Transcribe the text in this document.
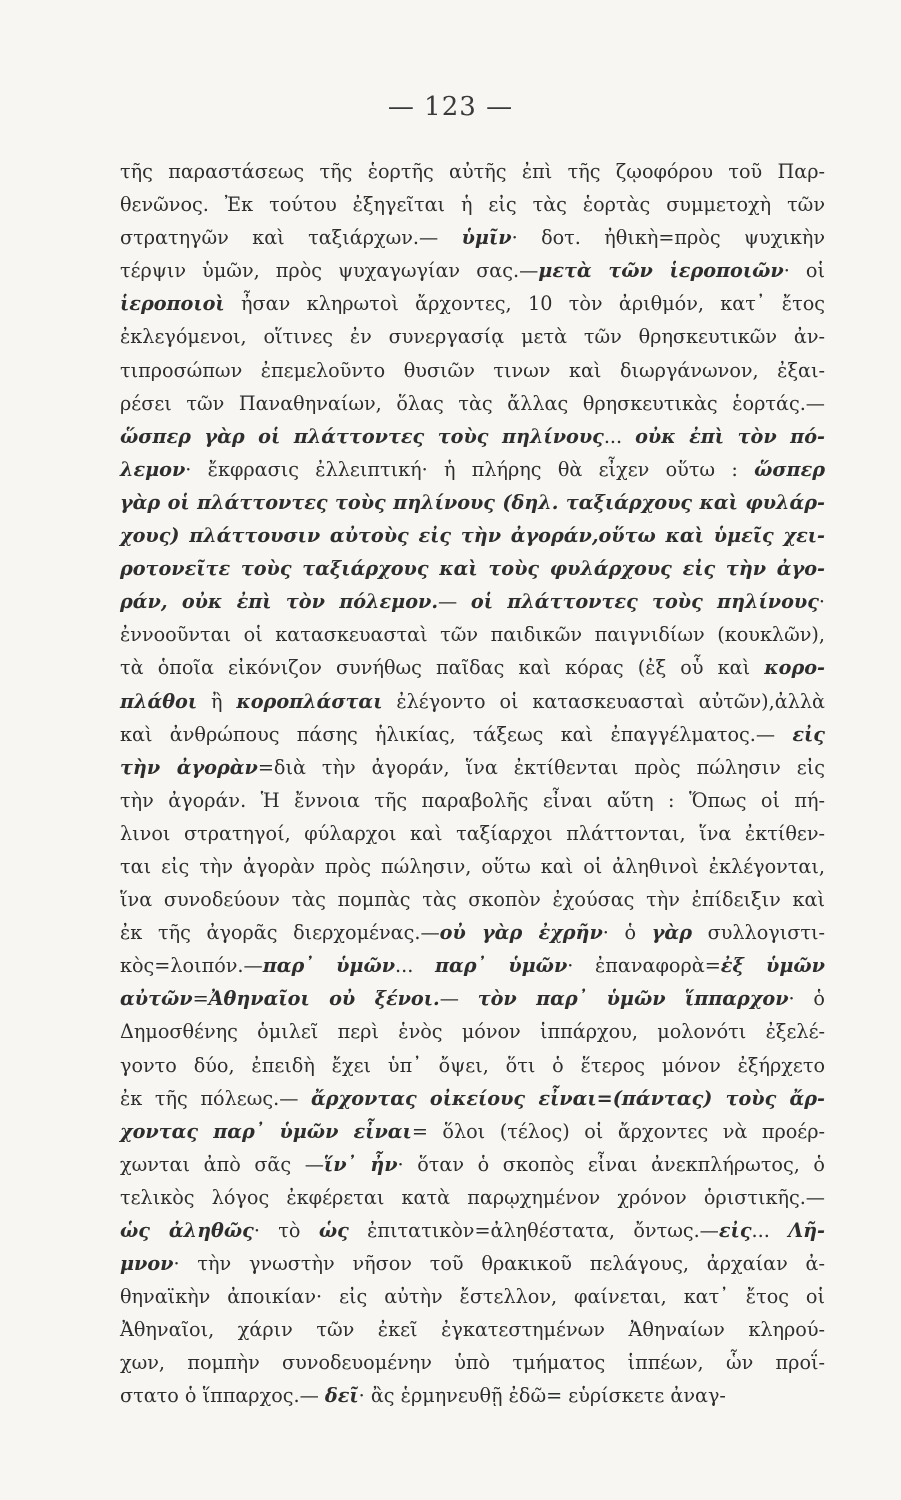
— 123 —
τῆς παραστάσεως τῆς ἑορτῆς αὐτῆς ἐπὶ τῆς ζῳοφόρου τοῦ Παρ-
θενῶνος. Ἐκ τούτου ἐξηγεῖται ἡ εἰς τὰς ἑορτὰς συμμετοχὴ τῶν
στρατηγῶν καὶ ταξιάρχων.— ὑμῖν· δοτ. ἠθικὴ=πρὸς ψυχικὴν
τέρψιν ὑμῶν, πρὸς ψυχαγωγίαν σας.—μετὰ τῶν ἱεροποιῶν· οἱ
ἱεροποιοὶ ἦσαν κληρωτοὶ ἄρχοντες, 10 τὸν ἀριθμόν, κατ᾽ ἔτος
ἐκλεγόμενοι, οἵτινες ἐν συνεργασίᾳ μετὰ τῶν θρησκευτικῶν ἀν-
τιπροσώπων ἐπεμελοῦντο θυσιῶν τινων καὶ διωργάνωνον, ἐξαι-
ρέσει τῶν Παναθηναίων, ὅλας τὰς ἄλλας θρησκευτικὰς ἑορτάς.—
ὥσπερ γὰρ οἱ πλάττοντες τοὺς πηλίνους... οὐκ ἐπὶ τὸν πό-
λεμον· ἔκφρασις ἐλλειπτική· ἡ πλήρης θὰ εἶχεν οὕτω : ὥσπερ
γὰρ οἱ πλάττοντες τοὺς πηλίνους (δηλ. ταξιάρχους καὶ φυλάρ-
χους) πλάττουσιν αὐτοὺς εἰς τὴν ἀγοράν,οὕτω καὶ ὑμεῖς χει-
ροτονεῖτε τοὺς ταξιάρχους καὶ τοὺς φυλάρχους εἰς τὴν ἀγο-
ράν, οὐκ ἐπὶ τὸν πόλεμον.— οἱ πλάττοντες τοὺς πηλίνους·
ἐννοοῦνται οἱ κατασκευασταὶ τῶν παιδικῶν παιγνιδίων (κουκλῶν),
τὰ ὁποῖα εἰκόνιζον συνήθως παῖδας καὶ κόρας (ἐξ οὗ καὶ κορο-
πλάθοι ἢ κοροπλάσται ἐλέγοντο οἱ κατασκευασταὶ αὐτῶν),ἀλλὰ
καὶ ἀνθρώπους πάσης ἡλικίας, τάξεως καὶ ἐπαγγέλματος.— εἰς
τὴν ἀγορὰν=διὰ τὴν ἀγοράν, ἵνα ἐκτίθενται πρὸς πώλησιν εἰς
τὴν ἀγοράν. Ἡ ἔννοια τῆς παραβολῆς εἶναι αὕτη : Ὅπως οἱ πή-
λινοι στρατηγοί, φύλαρχοι καὶ ταξίαρχοι πλάττονται, ἵνα ἐκτίθεν-
ται εἰς τὴν ἀγορὰν πρὸς πώλησιν, οὕτω καὶ οἱ ἀληθινοὶ ἐκλέγονται,
ἵνα συνοδεύουν τὰς πομπὰς τὰς σκοπὸν ἐχούσας τὴν ἐπίδειξιν καὶ
ἐκ τῆς ἀγορᾶς διερχομένας.—οὐ γὰρ ἐχρῆν· ὁ γὰρ συλλογιστι-
κὸς=λοιπόν.—παρ᾽ ὑμῶν... παρ᾽ ὑμῶν· ἐπαναφορὰ=ἐξ ὑμῶν
αὐτῶν=Ἀθηναῖοι οὐ ξένοι.— τὸν παρ᾽ ὑμῶν ἵππαρχον· ὁ
Δημοσθένης ὁμιλεῖ περὶ ἑνὸς μόνον ἱππάρχου, μολονότι ἐξελέ-
γοντο δύο, ἐπειδὴ ἔχει ὑπ᾽ ὄψει, ὅτι ὁ ἕτερος μόνον ἐξήρχετο
ἐκ τῆς πόλεως.— ἄρχοντας οἰκείους εἶναι=(πάντας) τοὺς ἄρ-
χοντας παρ᾽ ὑμῶν εἶναι= ὅλοι (τέλος) οἱ ἄρχοντες νὰ προέρ-
χωνται ἀπὸ σᾶς —ἵν᾽ ἦν· ὅταν ὁ σκοπὸς εἶναι ἀνεκπλήρωτος, ὁ
τελικὸς λόγος ἐκφέρεται κατὰ παρῳχημένον χρόνον ὁριστικῆς.—
ὡς ἀληθῶς· τὸ ὡς ἐπιτατικὸν=ἀληθέστατα, ὄντως.—εἰς... Λῆ-
μνον· τὴν γνωστὴν νῆσον τοῦ θρακικοῦ πελάγους, ἀρχαίαν ἀ-
θηναϊκὴν ἀποικίαν· εἰς αὐτὴν ἔστελλον, φαίνεται, κατ᾽ ἔτος οἱ
Ἀθηναῖοι, χάριν τῶν ἐκεῖ ἐγκατεστημένων Ἀθηναίων κληρού-
χων, πομπὴν συνοδευομένην ὑπὸ τμήματος ἱππέων, ὧν προΐ-
στατο ὁ ἵππαρχος.— δεῖ· ἂς ἑρμηνευθῇ ἐδῶ= εὑρίσκετε ἀναγ-
